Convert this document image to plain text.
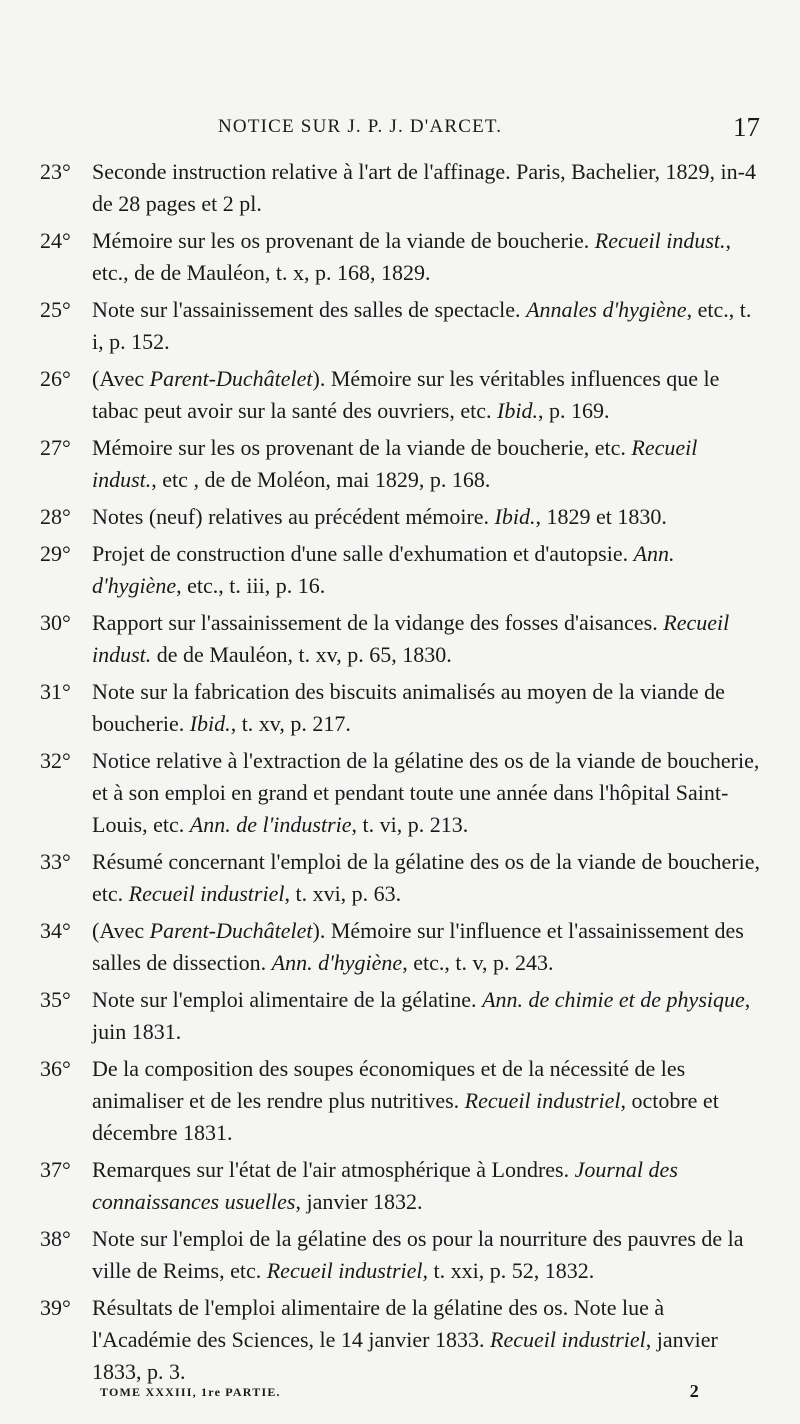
NOTICE SUR J. P. J. D'ARCET.	17
23° Seconde instruction relative à l'art de l'affinage. Paris, Bachelier, 1829, in-4 de 28 pages et 2 pl.
24° Mémoire sur les os provenant de la viande de boucherie. Recueil indust., etc., de de Mauléon, t. x, p. 168, 1829.
25° Note sur l'assainissement des salles de spectacle. Annales d'hygiène, etc., t. i, p. 152.
26° (Avec Parent-Duchâtelet). Mémoire sur les véritables influences que le tabac peut avoir sur la santé des ouvriers, etc. Ibid., p. 169.
27° Mémoire sur les os provenant de la viande de boucherie, etc. Recueil indust., etc , de de Moléon, mai 1829, p. 168.
28° Notes (neuf) relatives au précédent mémoire. Ibid., 1829 et 1830.
29° Projet de construction d'une salle d'exhumation et d'autopsie. Ann. d'hygiène, etc., t. iii, p. 16.
30° Rapport sur l'assainissement de la vidange des fosses d'aisances. Recueil indust. de de Mauléon, t. xv, p. 65, 1830.
31° Note sur la fabrication des biscuits animalisés au moyen de la viande de boucherie. Ibid., t. xv, p. 217.
32° Notice relative à l'extraction de la gélatine des os de la viande de boucherie, et à son emploi en grand et pendant toute une année dans l'hôpital Saint-Louis, etc. Ann. de l'industrie, t. vi, p. 213.
33° Résumé concernant l'emploi de la gélatine des os de la viande de boucherie, etc. Recueil industriel, t. xvi, p. 63.
34° (Avec Parent-Duchâtelet). Mémoire sur l'influence et l'assainissement des salles de dissection. Ann. d'hygiène, etc., t. v, p. 243.
35° Note sur l'emploi alimentaire de la gélatine. Ann. de chimie et de physique, juin 1831.
36° De la composition des soupes économiques et de la nécessité de les animaliser et de les rendre plus nutritives. Recueil industriel, octobre et décembre 1831.
37° Remarques sur l'état de l'air atmosphérique à Londres. Journal des connaissances usuelles, janvier 1832.
38° Note sur l'emploi de la gélatine des os pour la nourriture des pauvres de la ville de Reims, etc. Recueil industriel, t. xxi, p. 52, 1832.
39° Résultats de l'emploi alimentaire de la gélatine des os. Note lue à l'Académie des Sciences, le 14 janvier 1833. Recueil industriel, janvier 1833, p. 3.
TOME XXXIII, 1re PARTIE.	2
